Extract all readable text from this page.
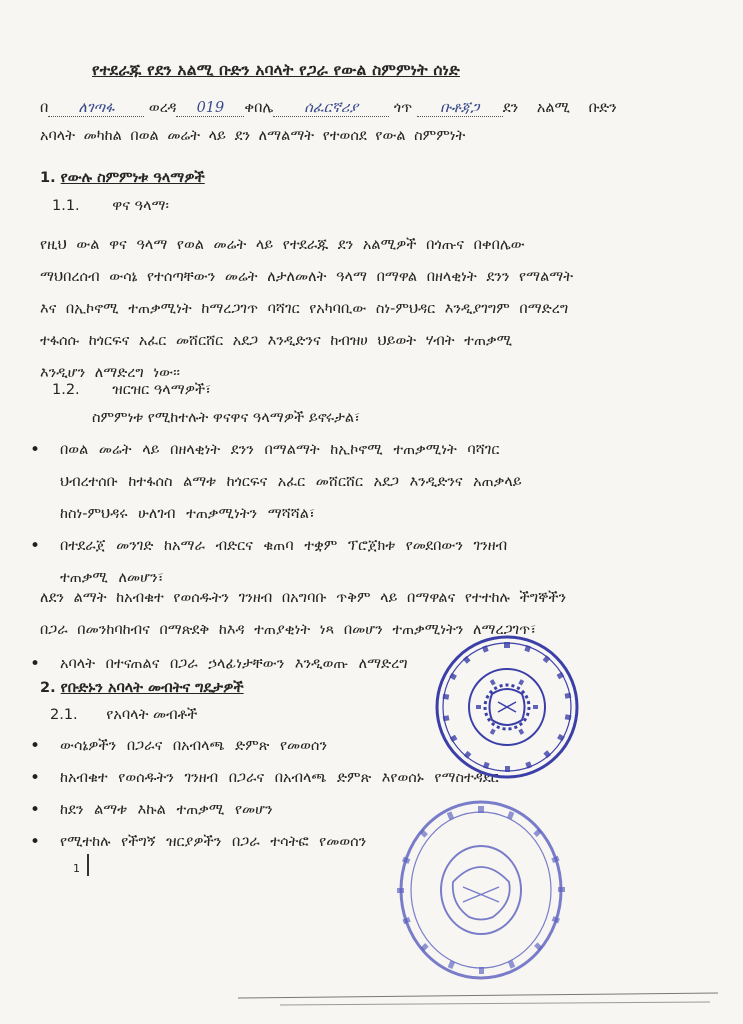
የተደራጁ የደን አልሚ ቡድን አባላት የጋራ የውል ስምምነት ሰነድ
በ ለገጣፋ ወረዳ 019 ቀበሌ ሰፈርኛሪያ ጎጥ ቡቶጃጋ ደን አልሚ ቡድን
አባላት መካከል በወል መሬት ላይ ደን ለማልማት የተወሰደ የውል ስምምነት
1. የውሉ ስምምነቱ ዓላማዎች
1.1. ዋና ዓላማ፡
የዚህ ውል ዋና ዓላማ የወል መሬት ላይ የተደራጁ ደን አልሚዎች በጎጡና በቀበሌው
ማህበረሰብ ውሳኔ የተሰጣቸውን መሬት ለታለመለት ዓላማ በማዋል በዘላቂነት ደንን የማልማት
እና በኢኮኖሚ ተጠቃሚነት ከማረጋገጥ ባሻገር የአካባቢው ስነ-ምህዳር እንዲያገግም በማድረግ
ተፋሰሱ ከጎርፍና አፈር መሸርሸር አደጋ እንዲድንና ከብዝሀ ህይወት ሃብት ተጠቃሚ
እንዲሆን ለማድረግ ነው፡፡
1.2. ዝርዝር ዓላማዎች፣
ስምምነቱ የሚከተሉት ዋናዋና ዓላማዎች ይኖሩታል፣
• በወል መሬት ላይ በዘላቂነት ደንን በማልማት ከኢኮኖሚ ተጠቃሚነት ባሻገር
ህብረተሰቡ ከተፋሰስ ልማቱ ከጎርፍና አፈር መሸርሸር አደጋ እንዲድንና አጠቃላይ
ከስነ-ምህዳሩ ሁለገብ ተጠቃሚነትን ማሻሻል፣
• በተደራጀ መንገድ ከአማራ ብድርና ቁጠባ ተቋም ፕሮጀክቱ የመደበውን ገንዘብ
ተጠቃሚ ለመሆን፣
ለደን ልማት ከአብቁተ የወሰዱትን ገንዘብ በአግባቡ ጥቅም ላይ በማዋልና የተተከሉ ችግኞችን
በጋራ በመንከባከብና በማጽደቅ ከእዳ ተጠያቂነት ነጻ በመሆን ተጠቃሚነትን ለማረጋገጥ፣
• አባላት በተናጠልና በጋራ ኃላፊነታቸውን እንዲወጡ ለማድረግ
2. የቡድኑን አባላት መብትና ግዴታዎች
2.1. የአባላት መብቶች
• ውሳኔዎችን በጋራና በአብላጫ ድምጽ የመወሰን
• ከአብቁተ የወሰዱትን ገንዘብ በጋራና በአብላጫ ድምጽ እየወሰኑ የማስተዳደር
• ከደን ልማቱ እኩል ተጠቃሚ የመሆን
• የሚተከሉ የችግኝ ዝርያዎችን በጋራ ተሳትፎ የመወሰን
1
